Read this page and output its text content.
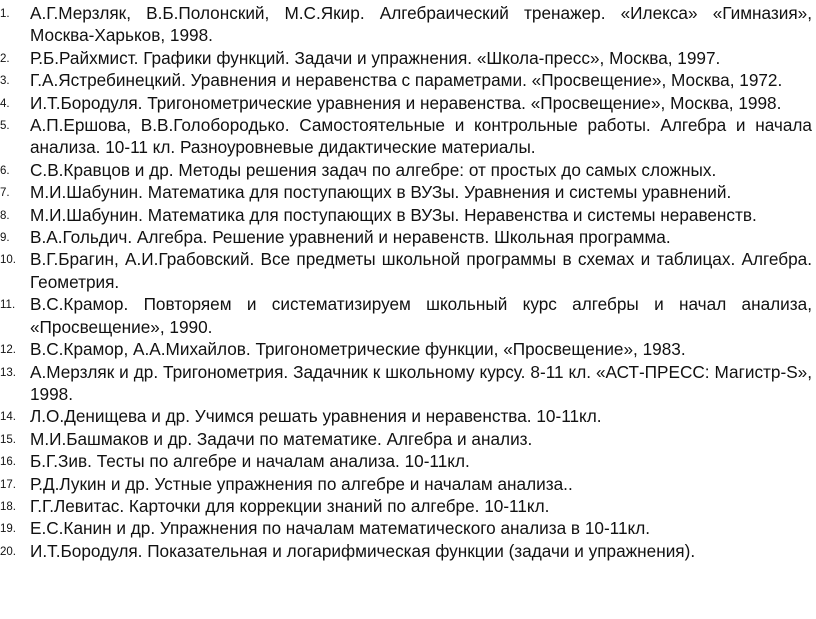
1.	А.Г.Мерзляк, В.Б.Полонский, М.С.Якир. Алгебраический тренажер. «Илекса» «Гимназия», Москва-Харьков, 1998.
2.	Р.Б.Райхмист. Графики функций. Задачи и упражнения. «Школа-пресс», Москва, 1997.
3.	Г.А.Ястребинецкий. Уравнения и неравенства с параметрами. «Просвещение», Москва, 1972.
4.	И.Т.Бородуля. Тригонометрические уравнения и неравенства. «Просвещение», Москва, 1998.
5.	А.П.Ершова, В.В.Голобородько. Самостоятельные и контрольные работы. Алгебра и начала анализа. 10-11 кл. Разноуровневые дидактические материалы.
6.	С.В.Кравцов и др. Методы решения задач по алгебре: от простых до самых сложных.
7.	М.И.Шабунин. Математика для поступающих в ВУЗы. Уравнения и системы уравнений.
8.	М.И.Шабунин. Математика для поступающих в ВУЗы. Неравенства и системы неравенств.
9.	В.А.Гольдич. Алгебра. Решение уравнений и неравенств. Школьная программа.
10. В.Г.Брагин, А.И.Грабовский. Все предметы школьной программы в схемах и таблицах. Алгебра. Геометрия.
11. В.С.Крамор. Повторяем и систематизируем школьный курс алгебры и начал анализа, «Просвещение», 1990.
12. В.С.Крамор, А.А.Михайлов. Тригонометрические функции, «Просвещение», 1983.
13. А.Мерзляк и др. Тригонометрия. Задачник к школьному курсу. 8-11 кл. «АСТ-ПРЕСС: Магистр-S», 1998.
14. Л.О.Денищева и др. Учимся решать уравнения и неравенства. 10-11кл.
15. М.И.Башмаков и др. Задачи по математике. Алгебра и анализ.
16. Б.Г.Зив. Тесты по алгебре и началам анализа. 10-11кл.
17. Р.Д.Лукин и др. Устные упражнения по алгебре и началам анализа..
18. Г.Г.Левитас. Карточки для коррекции знаний по алгебре. 10-11кл.
19. Е.С.Канин и др. Упражнения по началам математического анализа в 10-11кл.
20. И.Т.Бородуля. Показательная и логарифмическая функции (задачи и упражнения).
